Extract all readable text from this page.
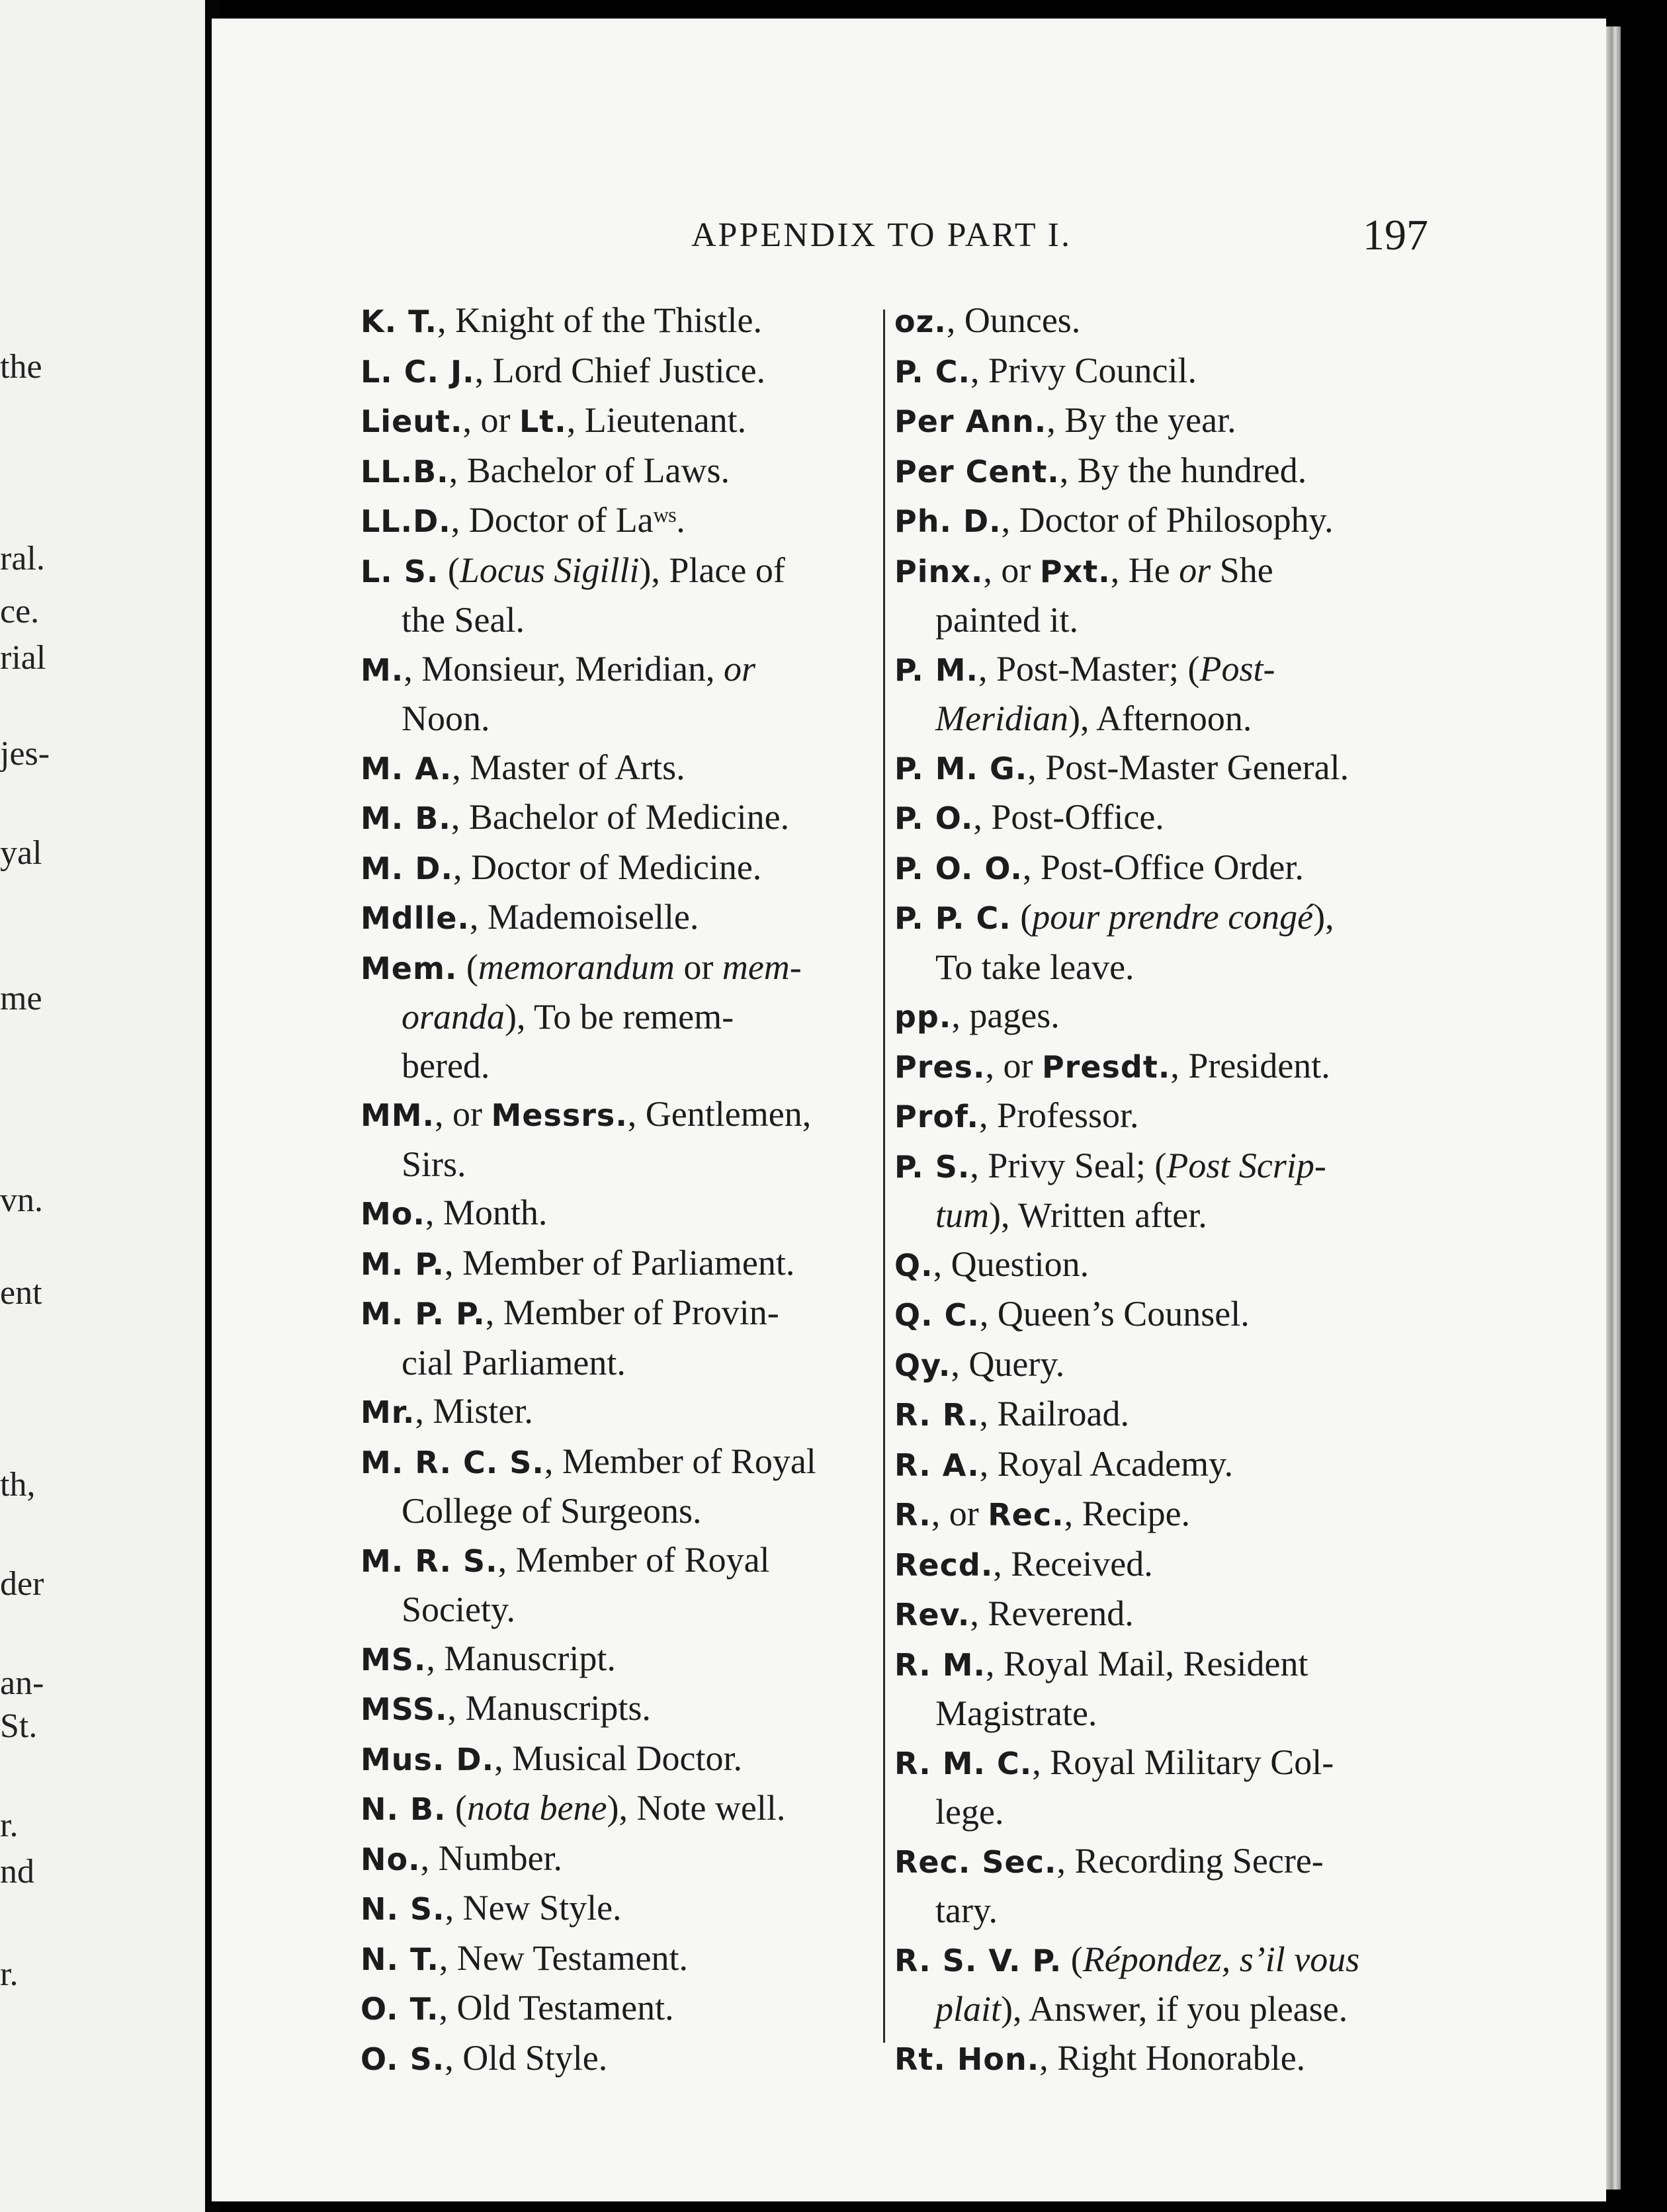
the
ral.
ce.
rial
jes-
yal
me
vn.
ent
th,
der
an-
St.
r.
nd
r.
APPENDIX TO PART I.	197
K. T., Knight of the Thistle.
L. C. J., Lord Chief Justice.
Lieut., or Lt., Lieutenant.
LL.B., Bachelor of Laws.
LL.D., Doctor of Laʷˢ.
L. S. (Locus Sigilli), Place of
the Seal.
M., Monsieur, Meridian, or
Noon.
M. A., Master of Arts.
M. B., Bachelor of Medicine.
M. D., Doctor of Medicine.
Mdlle., Mademoiselle.
Mem. (memorandum or mem-
oranda), To be remem-
bered.
MM., or Messrs., Gentlemen,
Sirs.
Mo., Month.
M. P., Member of Parliament.
M. P. P., Member of Provin-
cial Parliament.
Mr., Mister.
M. R. C. S., Member of Royal
College of Surgeons.
M. R. S., Member of Royal
Society.
MS., Manuscript.
MSS., Manuscripts.
Mus. D., Musical Doctor.
N. B. (nota bene), Note well.
No., Number.
N. S., New Style.
N. T., New Testament.
O. T., Old Testament.
O. S., Old Style.
oz., Ounces.
P. C., Privy Council.
Per Ann., By the year.
Per Cent., By the hundred.
Ph. D., Doctor of Philosophy.
Pinx., or Pxt., He or She
painted it.
P. M., Post-Master; (Post-
Meridian), Afternoon.
P. M. G., Post-Master General.
P. O., Post-Office.
P. O. O., Post-Office Order.
P. P. C. (pour prendre congé),
To take leave.
pp., pages.
Pres., or Presdt., President.
Prof., Professor.
P. S., Privy Seal; (Post Scrip-
tum), Written after.
Q., Question.
Q. C., Queen’s Counsel.
Qy., Query.
R. R., Railroad.
R. A., Royal Academy.
R., or Rec., Recipe.
Recd., Received.
Rev., Reverend.
R. M., Royal Mail, Resident
Magistrate.
R. M. C., Royal Military Col-
lege.
Rec. Sec., Recording Secre-
tary.
R. S. V. P. (Répondez, s’il vous
plait), Answer, if you please.
Rt. Hon., Right Honorable.
